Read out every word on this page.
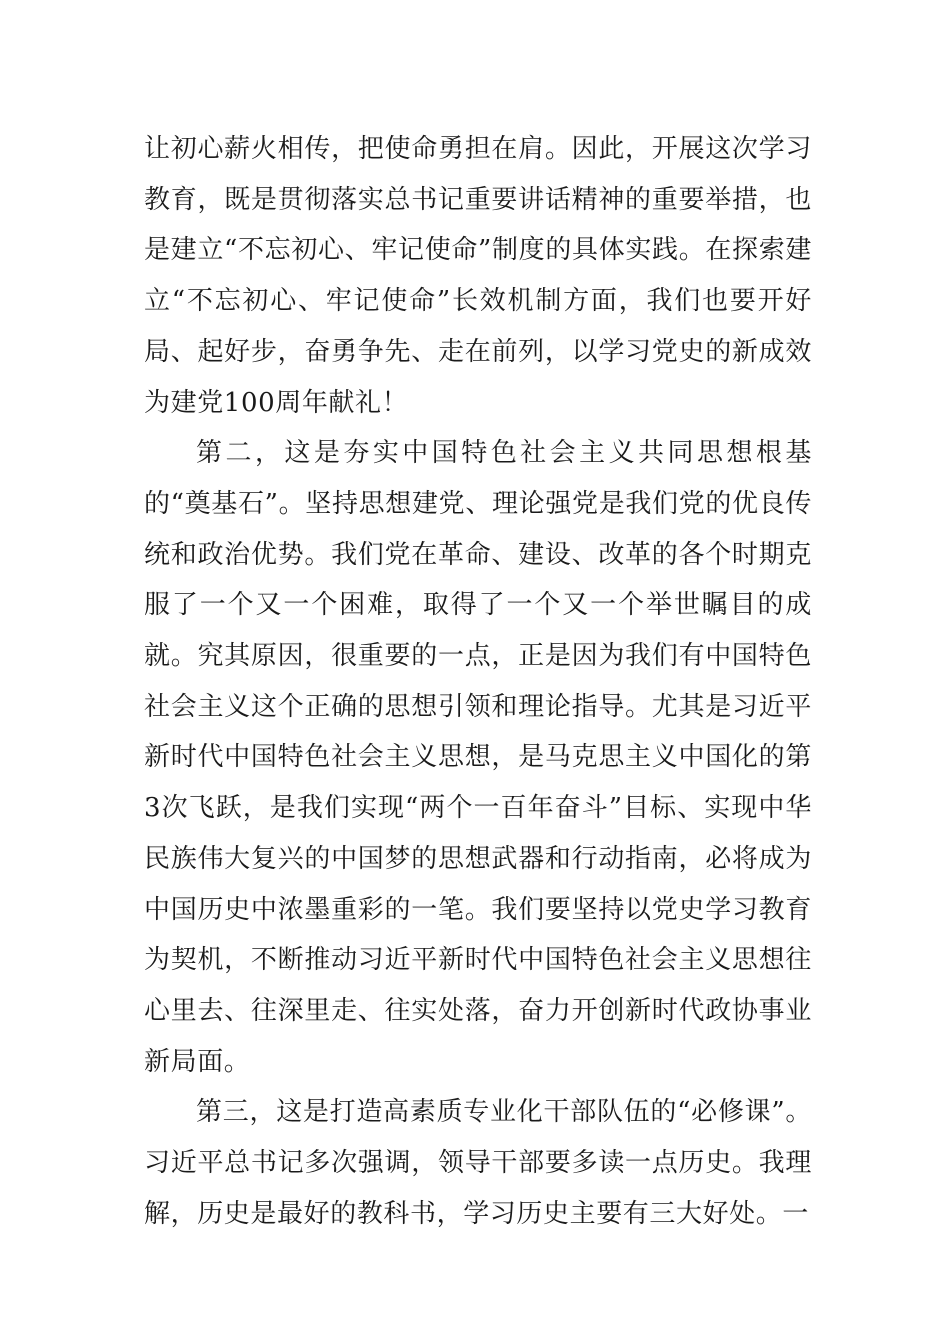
让初心薪火相传，把使命勇担在肩。因此，开展这次学习教育，既是贯彻落实总书记重要讲话精神的重要举措，也是建立“不忘初心、牢记使命”制度的具体实践。在探索建立“不忘初心、牢记使命”长效机制方面，我们也要开好局、起好步，奋勇争先、走在前列，以学习党史的新成效为建党100周年献礼！

第二，这是夯实中国特色社会主义共同思想根基的“奠基石”。坚持思想建党、理论强党是我们党的优良传统和政治优势。我们党在革命、建设、改革的各个时期克服了一个又一个困难，取得了一个又一个举世瞩目的成就。究其原因，很重要的一点，正是因为我们有中国特色社会主义这个正确的思想引领和理论指导。尤其是习近平新时代中国特色社会主义思想，是马克思主义中国化的第3次飞跃，是我们实现“两个一百年奋斗”目标、实现中华民族伟大复兴的中国梦的思想武器和行动指南，必将成为中国历史中浓墨重彩的一笔。我们要坚持以党史学习教育为契机，不断推动习近平新时代中国特色社会主义思想往心里去、往深里走、往实处落，奋力开创新时代政协事业新局面。

第三，这是打造高素质专业化干部队伍的“必修课”。习近平总书记多次强调，领导干部要多读一点历史。我理解，历史是最好的教科书，学习历史主要有三大好处。一
